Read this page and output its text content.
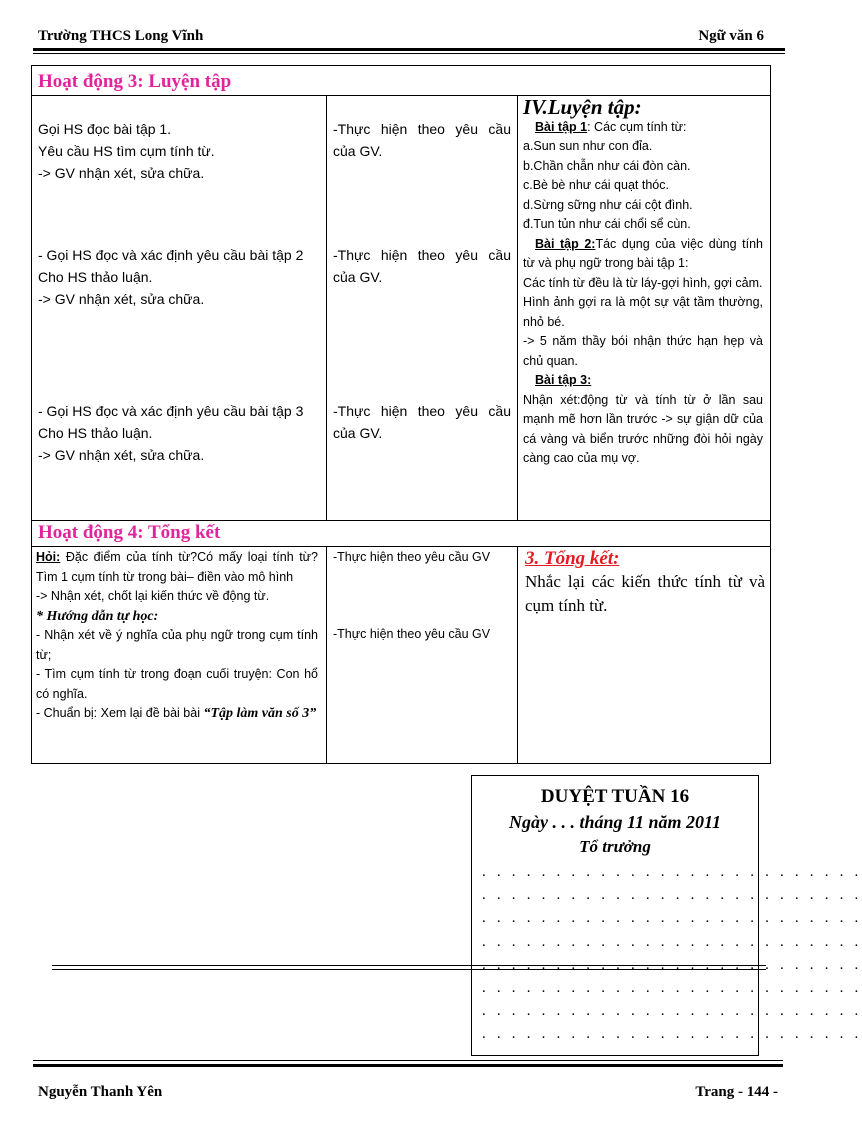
Trường THCS Long Vĩnh	Ngữ văn 6
Hoạt động 3: Luyện tập

Gọi HS đọc bài tập 1.

Yêu cầu HS tìm cụm tính từ.

-> GV nhận xét, sửa chữa.

- Gọi HS đọc và xác định yêu cầu bài tập 2

Cho HS thảo luận.

-> GV nhận xét, sửa chữa.

- Gọi HS đọc và xác định yêu cầu bài tập 3

Cho HS thảo luận.

-> GV nhận xét, sửa chữa.

-Thực hiện theo yêu cầu của GV.
-Thực hiện theo yêu cầu của GV.
-Thực hiện theo yêu cầu của GV.
IV.Luyện tập:

Bài tập 1: Các cụm tính từ:

a.Sun sun như con đỉa.

b.Chần chẫn như cái đòn càn.

c.Bè bè như cái quạt thóc.

d.Sừng sững như cái cột đình.

đ.Tun tủn như cái chổi sể cùn.

Bài tập 2:Tác dụng của việc dùng tính từ và phụ ngữ trong bài tập 1:

Các tính từ đều là từ láy-gợi hình, gợi cảm.

Hình ảnh gợi ra là một sự vật tầm thường, nhỏ bé.

-> 5 năm thầy bói nhận thức hạn hẹp và chủ quan.

Bài tập 3:

Nhận xét:động từ và tính từ ở lần sau mạnh mẽ hơn lần trước -> sự giận dữ của cá vàng và biển trước những đòi hỏi ngày càng cao của mụ vợ.

Hoạt động 4: Tổng kết

Hỏi: Đặc điểm của tính từ?Có mấy loại tính từ? Tìm 1 cụm tính từ trong bài– điền vào mô hình

-> Nhận xét, chốt lại kiến thức về động từ.

* Hướng dẫn tự học:

- Nhận xét về ý nghĩa của phụ ngữ trong cụm tính từ;

- Tìm cụm tính từ trong đoạn cuối truyện: Con hổ có nghĩa.

- Chuẩn bị: Xem lại đề bài bài “Tập làm văn số 3”

-Thực hiện theo yêu cầu GV
-Thực hiện theo yêu cầu GV
3. Tổng kết:
Nhắc lại các kiến thức tính từ và cụm tính từ.
DUYỆT TUẦN 16
Ngày . . . tháng 11 năm 2011
Tổ trưởng
. . . . . . . . . . . . . . . . . . . . . . . . . .
. . . . . . . . . . . . . . . . . . . . . . . . . .
. . . . . . . . . . . . . . . . . . . . . . . . . .
. . . . . . . . . . . . . . . . . . . . . . . . . .
. . . . . . . . . . . . . . . . . . . . . . . . . .
. . . . . . . . . . . . . . . . . . . . . . . . . .
. . . . . . . . . . . . . . . . . . . . . . . . . .
. . . . . . . . . . . . . . . . . . . . . . . . . .
Nguyễn Thanh Yên	Trang - 144 -
